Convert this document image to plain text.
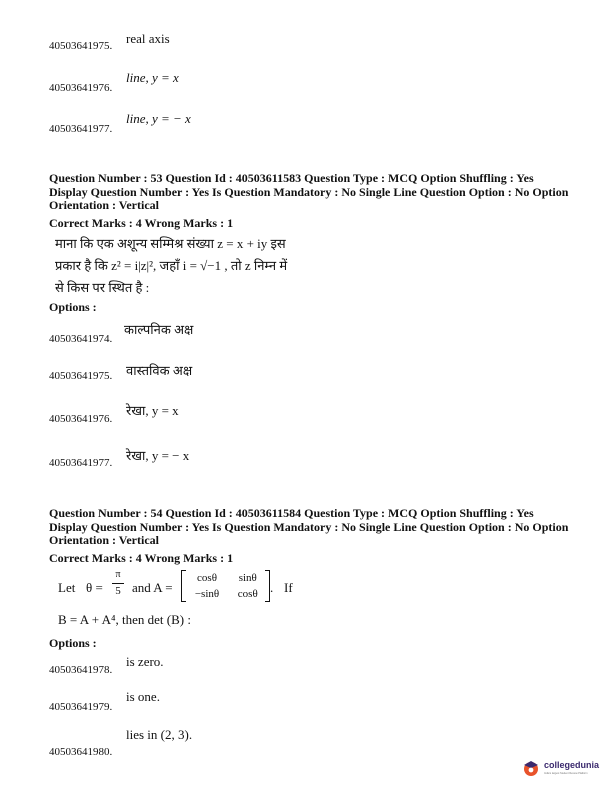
40503641975. real axis
40503641976.
line, y = x
40503641977.
line, y = − x
Question Number : 53 Question Id : 40503611583 Question Type : MCQ Option Shuffling : Yes
Display Question Number : Yes Is Question Mandatory : No Single Line Question Option : No Option
Orientation : Vertical
Correct Marks : 4 Wrong Marks : 1
माना कि एक अशून्य सम्मिश्र संख्या z = x + iy इस
प्रकार है कि z² = i|z|², जहाँ i = √−1 , तो z निम्न में
से किस पर स्थित है :
Options :
40503641974.
काल्पनिक अक्ष
40503641975. वास्तविक अक्ष
40503641976.
रेखा, y = x
40503641977. रेखा, y = − x
Question Number : 54 Question Id : 40503611584 Question Type : MCQ Option Shuffling : Yes
Display Question Number : Yes Is Question Mandatory : No Single Line Question Option : No Option
Orientation : Vertical
Correct Marks : 4 Wrong Marks : 1
Let θ =
π
5 and A =
cosθ sinθ
−sinθ cosθ . If
B = A + A⁴, then det (B) :
Options :
40503641978.
is zero.
40503641979.
is one.
40503641980.
lies in (2, 3).
collegedunia
India's largest Student Review Platform
